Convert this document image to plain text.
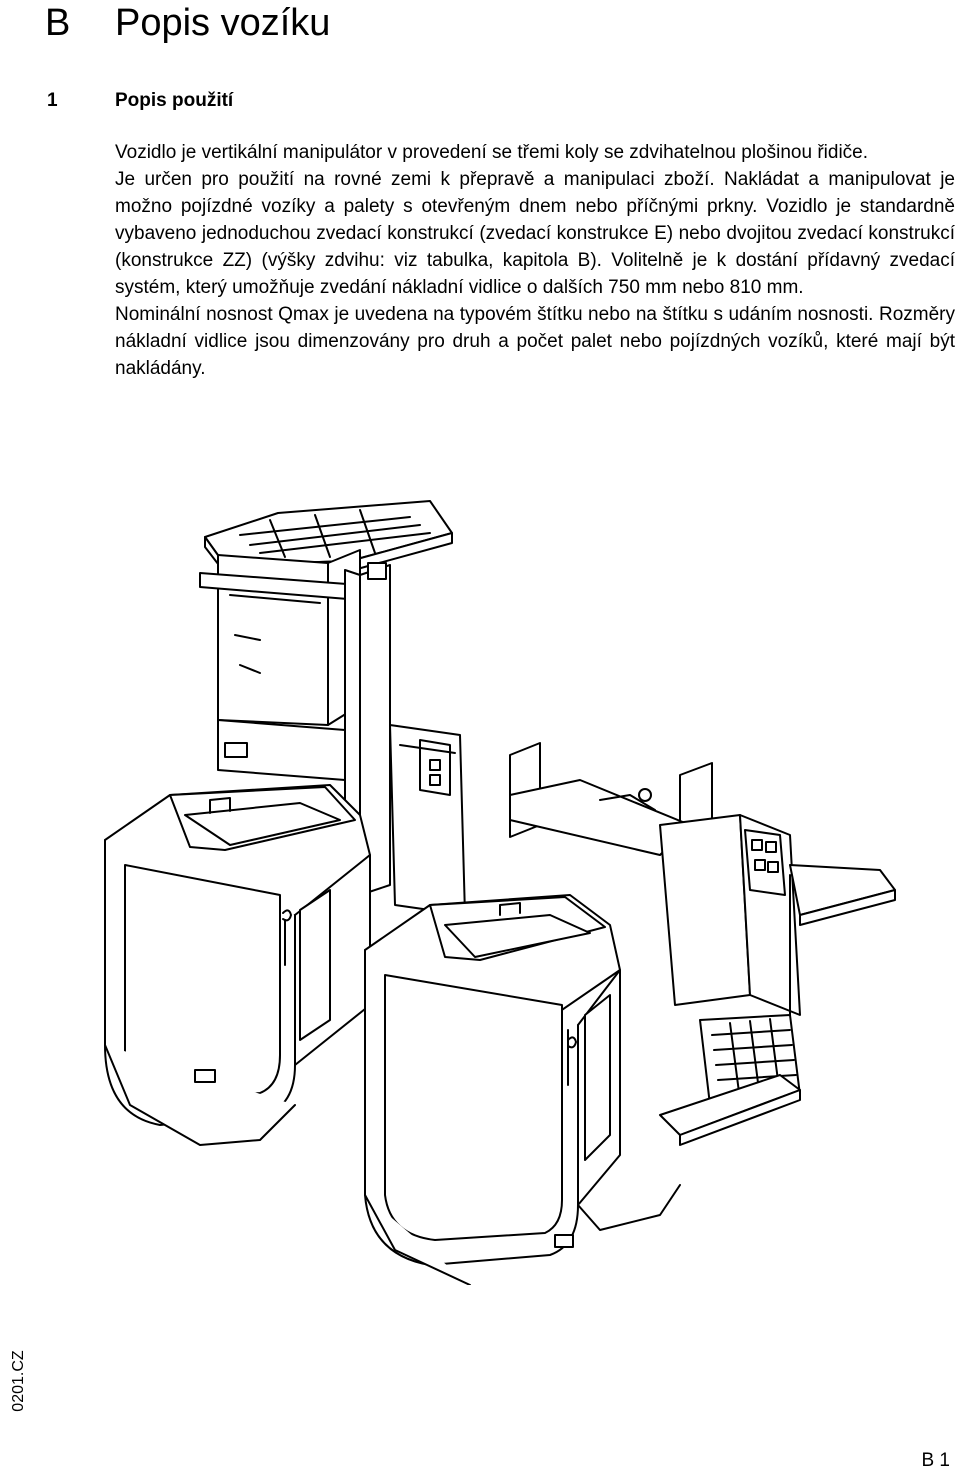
B Popis vozíku
1	Popis použití

Vozidlo je vertikální manipulátor v provedení se třemi koly se zdvihatelnou plošinou řidiče.

Je určen pro použití na rovné zemi k přepravě a manipulaci zboží. Nakládat a manipulovat je možno pojízdné vozíky a palety s otevřeným dnem nebo příčnými prkny. Vozidlo je standardně vybaveno jednoduchou zvedací konstrukcí (zvedací konstrukce E) nebo dvojitou zvedací konstrukcí (konstrukce ZZ) (výšky zdvihu: viz tabulka, kapitola B). Volitelně je k dostání přídavný zvedací systém, který umožňuje zvedání nákladní vidlice o dalších 750 mm nebo 810 mm.

Nominální nosnost Qmax je uvedena na typovém štítku nebo na štítku s udáním nosnosti. Rozměry nákladní vidlice jsou dimenzovány pro druh a počet palet nebo pojízdných vozíků, které mají být nakládány.

0201.CZ
B 1
